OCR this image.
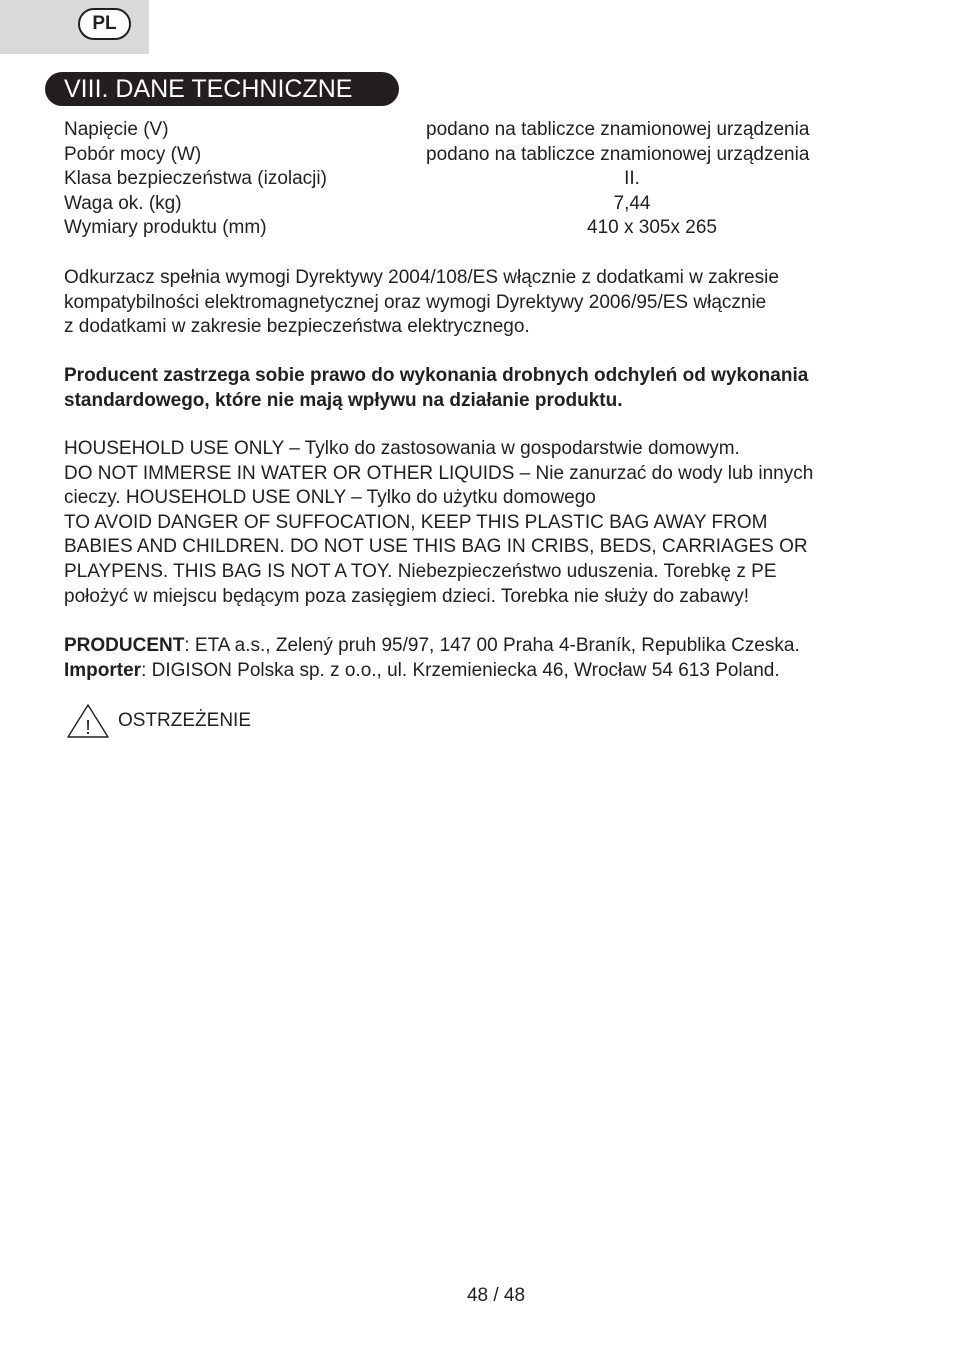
PL
VIII. DANE TECHNICZNE
Napięcie (V)	podano na tabliczce znamionowej urządzenia
Pobór mocy (W)	podano na tabliczce znamionowej urządzenia
Klasa bezpieczeństwa (izolacji)	II.
Waga ok. (kg)	7,44
Wymiary produktu (mm)	410 x 305x 265
Odkurzacz spełnia wymogi Dyrektywy 2004/108/ES włącznie z dodatkami w zakresie
kompatybilności elektromagnetycznej oraz wymogi Dyrektywy 2006/95/ES włącznie
z dodatkami w zakresie bezpieczeństwa elektrycznego.
Producent zastrzega sobie prawo do wykonania drobnych odchyleń od wykonania
standardowego, które nie mają wpływu na działanie produktu.
HOUSEHOLD USE ONLY – Tylko do zastosowania w gospodarstwie domowym.
DO NOT IMMERSE IN WATER OR OTHER LIQUIDS – Nie zanurzać do wody lub innych
cieczy. HOUSEHOLD USE ONLY – Tylko do użytku domowego
TO AVOID DANGER OF SUFFOCATION, KEEP THIS PLASTIC BAG AWAY FROM
BABIES AND CHILDREN. DO NOT USE THIS BAG IN CRIBS, BEDS, CARRIAGES OR
PLAYPENS. THIS BAG IS NOT A TOY. Niebezpieczeństwo uduszenia. Torebkę z PE
położyć w miejscu będącym poza zasięgiem dzieci. Torebka nie służy do zabawy!
PRODUCENT: ETA a.s., Zelený pruh 95/97, 147 00 Praha 4-Braník, Republika Czeska.
Importer: DIGISON Polska sp. z o.o., ul. Krzemieniecka 46, Wrocław 54 613 Poland.
! OSTRZEŻENIE
48 / 48
